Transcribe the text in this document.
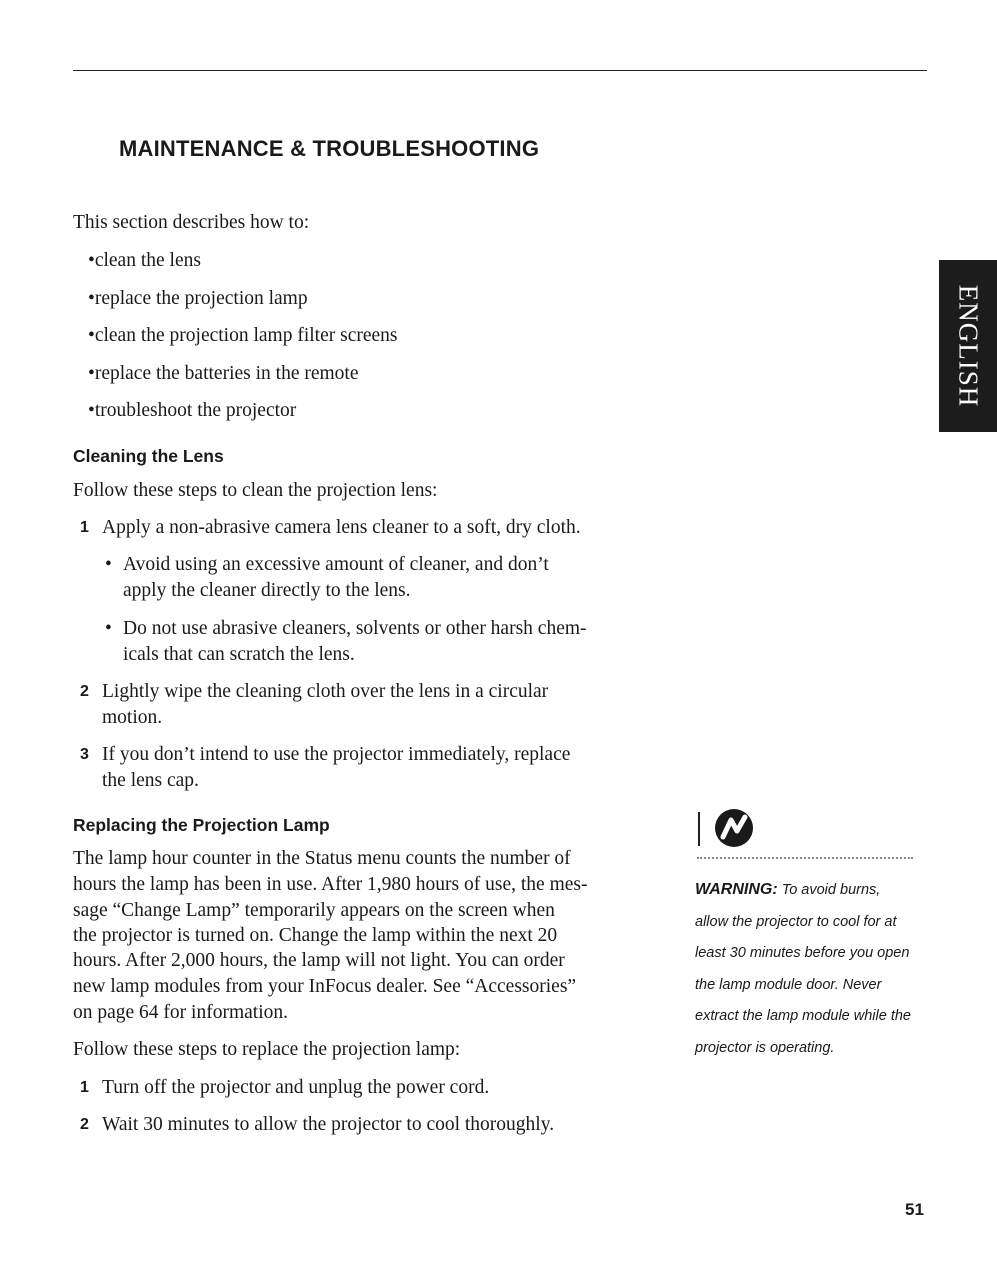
MAINTENANCE & TROUBLESHOOTING

This section describes how to:

•clean the lens
•replace the projection lamp
•clean the projection lamp filter screens
•replace the batteries in the remote
•troubleshoot the projector
Cleaning the Lens

Follow these steps to clean the projection lens:

1 Apply a non-abrasive camera lens cleaner to a soft, dry cloth.
• Avoid using an excessive amount of cleaner, and don’t
apply the cleaner directly to the lens.
• Do not use abrasive cleaners, solvents or other harsh chem-
icals that can scratch the lens.
2 Lightly wipe the cleaning cloth over the lens in a circular
motion.
3 If you don’t intend to use the projector immediately, replace
the lens cap.
Replacing the Projection Lamp

The lamp hour counter in the Status menu counts the number of

hours the lamp has been in use. After 1,980 hours of use, the mes-

sage “Change Lamp” temporarily appears on the screen when

the projector is turned on. Change the lamp within the next 20

hours. After 2,000 hours, the lamp will not light. You can order

new lamp modules from your InFocus dealer. See “Accessories”

on page 64 for information.

Follow these steps to replace the projection lamp:

1 Turn off the projector and unplug the power cord.
2 Wait 30 minutes to allow the projector to cool thoroughly.
ENGLISH

WARNING: To avoid burns,
allow the projector to cool for at
least 30 minutes before you open
the lamp module door. Never
extract the lamp module while the
projector is operating.

51
